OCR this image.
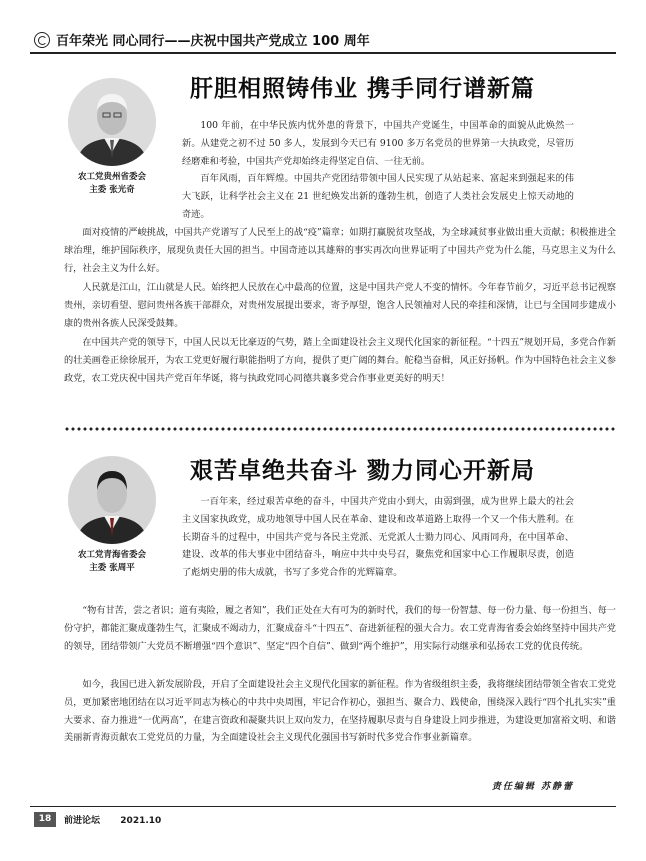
百年荣光 同心同行——庆祝中国共产党成立 100 周年
农工党贵州省委会
主委 张光奇
肝胆相照铸伟业 携手同行谱新篇

100 年前，在中华民族内忧外患的背景下，中国共产党诞生，中国革命的面貌从此焕然一新。从建党之初不过 50 多人，发展到今天已有 9100 多万名党员的世界第一大执政党，尽管历经磨难和考验，中国共产党却始终走得坚定自信、一往无前。

百年风雨，百年辉煌。中国共产党团结带领中国人民实现了从站起来、富起来到强起来的伟大飞跃，让科学社会主义在 21 世纪焕发出新的蓬勃生机，创造了人类社会发展史上惊天动地的奇迹。

面对疫情的严峻挑战，中国共产党谱写了人民至上的战“疫”篇章；如期打赢脱贫攻坚战，为全球减贫事业做出重大贡献；积极推进全球治理，维护国际秩序，展现负责任大国的担当。中国奇迹以其雄辩的事实再次向世界证明了中国共产党为什么能，马克思主义为什么行，社会主义为什么好。

人民就是江山，江山就是人民。始终把人民放在心中最高的位置，这是中国共产党人不变的情怀。今年春节前夕，习近平总书记视察贵州，亲切看望、慰问贵州各族干部群众，对贵州发展提出要求，寄予厚望，饱含人民领袖对人民的牵挂和深情，让已与全国同步建成小康的贵州各族人民深受鼓舞。

在中国共产党的领导下，中国人民以无比豪迈的气势，踏上全面建设社会主义现代化国家的新征程。“十四五”规划开局，多党合作新的壮美画卷正徐徐展开，为农工党更好履行职能指明了方向，提供了更广阔的舞台。舵稳当奋楫，风正好扬帆。作为中国特色社会主义参政党，农工党庆祝中国共产党百年华诞，将与执政党同心同德共襄多党合作事业更美好的明天！

农工党青海省委会
主委 张周平
艰苦卓绝共奋斗 勠力同心开新局

一百年来，经过艰苦卓绝的奋斗，中国共产党由小到大，由弱到强，成为世界上最大的社会主义国家执政党，成功地领导中国人民在革命、建设和改革道路上取得一个又一个伟大胜利。在长期奋斗的过程中，中国共产党与各民主党派、无党派人士勠力同心、风雨同舟，在中国革命、建设、改革的伟大事业中团结奋斗，响应中共中央号召，聚焦党和国家中心工作履职尽责，创造了彪炳史册的伟大成就，书写了多党合作的光辉篇章。

“物有甘苦，尝之者识；道有夷险，履之者知”，我们正处在大有可为的新时代，我们的每一份智慧、每一份力量、每一份担当、每一份守护，都能汇聚成蓬勃生气，汇聚成不竭动力，汇聚成奋斗“十四五”、奋进新征程的强大合力。农工党青海省委会始终坚持中国共产党的领导，团结带领广大党员不断增强“四个意识”、坚定“四个自信”、做到“两个维护”，用实际行动继承和弘扬农工党的优良传统。

如今，我国已进入新发展阶段，开启了全面建设社会主义现代化国家的新征程。作为省级组织主委，我将继续团结带领全省农工党党员，更加紧密地团结在以习近平同志为核心的中共中央周围，牢记合作初心，强担当、聚合力、践使命，围绕深入践行“四个扎扎实实”重大要求、奋力推进“一优两高”，在建言资政和凝聚共识上双向发力，在坚持履职尽责与自身建设上同步推进，为建设更加富裕文明、和谐美丽新青海贡献农工党党员的力量，为全面建设社会主义现代化强国书写新时代多党合作事业新篇章。

责任编辑 苏静蕾
18	前进论坛 2021.10
